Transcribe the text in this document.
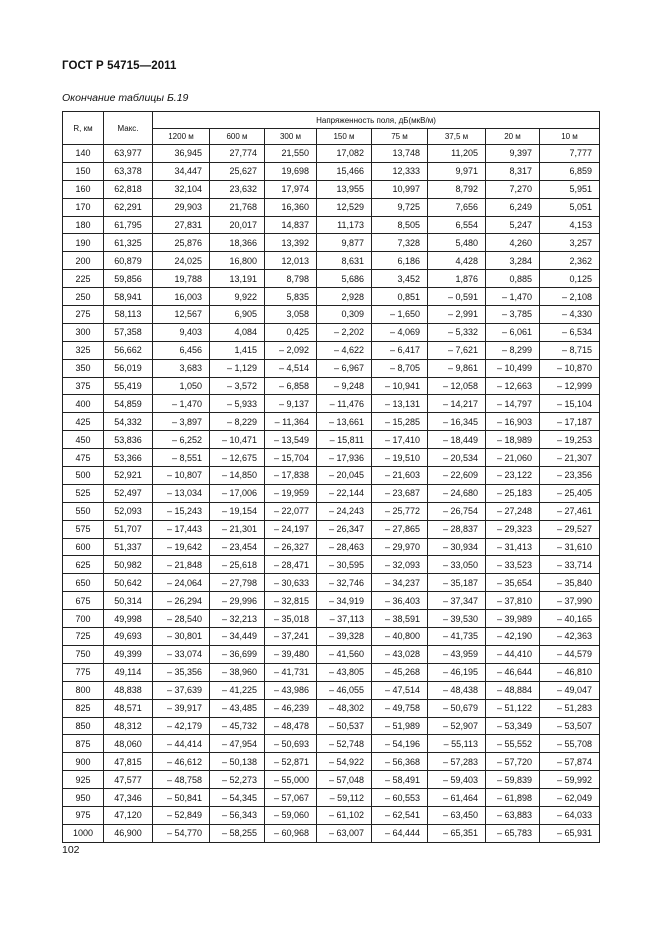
ГОСТ Р 54715—2011
Окончание таблицы Б.19
R, км	Макс.	Напряженность поля, дБ(мкВ/м)							
		1200 м	600 м	300 м	150 м	75 м	37,5 м	20 м	10 м
140	63,977	36,945	27,774	21,550	17,082	13,748	11,205	9,397	7,777
150	63,378	34,447	25,627	19,698	15,466	12,333	9,971	8,317	6,859
160	62,818	32,104	23,632	17,974	13,955	10,997	8,792	7,270	5,951
170	62,291	29,903	21,768	16,360	12,529	9,725	7,656	6,249	5,051
180	61,795	27,831	20,017	14,837	11,173	8,505	6,554	5,247	4,153
190	61,325	25,876	18,366	13,392	9,877	7,328	5,480	4,260	3,257
200	60,879	24,025	16,800	12,013	8,631	6,186	4,428	3,284	2,362
225	59,856	19,788	13,191	8,798	5,686	3,452	1,876	0,885	0,125
250	58,941	16,003	9,922	5,835	2,928	0,851	– 0,591	– 1,470	– 2,108
275	58,113	12,567	6,905	3,058	0,309	– 1,650	– 2,991	– 3,785	– 4,330
300	57,358	9,403	4,084	0,425	– 2,202	– 4,069	– 5,332	– 6,061	– 6,534
325	56,662	6,456	1,415	– 2,092	– 4,622	– 6,417	– 7,621	– 8,299	– 8,715
350	56,019	3,683	– 1,129	– 4,514	– 6,967	– 8,705	– 9,861	– 10,499	– 10,870
375	55,419	1,050	– 3,572	– 6,858	– 9,248	– 10,941	– 12,058	– 12,663	– 12,999
400	54,859	– 1,470	– 5,933	– 9,137	– 11,476	– 13,131	– 14,217	– 14,797	– 15,104
425	54,332	– 3,897	– 8,229	– 11,364	– 13,661	– 15,285	– 16,345	– 16,903	– 17,187
450	53,836	– 6,252	– 10,471	– 13,549	– 15,811	– 17,410	– 18,449	– 18,989	– 19,253
475	53,366	– 8,551	– 12,675	– 15,704	– 17,936	– 19,510	– 20,534	– 21,060	– 21,307
500	52,921	– 10,807	– 14,850	– 17,838	– 20,045	– 21,603	– 22,609	– 23,122	– 23,356
525	52,497	– 13,034	– 17,006	– 19,959	– 22,144	– 23,687	– 24,680	– 25,183	– 25,405
550	52,093	– 15,243	– 19,154	– 22,077	– 24,243	– 25,772	– 26,754	– 27,248	– 27,461
575	51,707	– 17,443	– 21,301	– 24,197	– 26,347	– 27,865	– 28,837	– 29,323	– 29,527
600	51,337	– 19,642	– 23,454	– 26,327	– 28,463	– 29,970	– 30,934	– 31,413	– 31,610
625	50,982	– 21,848	– 25,618	– 28,471	– 30,595	– 32,093	– 33,050	– 33,523	– 33,714
650	50,642	– 24,064	– 27,798	– 30,633	– 32,746	– 34,237	– 35,187	– 35,654	– 35,840
675	50,314	– 26,294	– 29,996	– 32,815	– 34,919	– 36,403	– 37,347	– 37,810	– 37,990
700	49,998	– 28,540	– 32,213	– 35,018	– 37,113	– 38,591	– 39,530	– 39,989	– 40,165
725	49,693	– 30,801	– 34,449	– 37,241	– 39,328	– 40,800	– 41,735	– 42,190	– 42,363
750	49,399	– 33,074	– 36,699	– 39,480	– 41,560	– 43,028	– 43,959	– 44,410	– 44,579
775	49,114	– 35,356	– 38,960	– 41,731	– 43,805	– 45,268	– 46,195	– 46,644	– 46,810
800	48,838	– 37,639	– 41,225	– 43,986	– 46,055	– 47,514	– 48,438	– 48,884	– 49,047
825	48,571	– 39,917	– 43,485	– 46,239	– 48,302	– 49,758	– 50,679	– 51,122	– 51,283
850	48,312	– 42,179	– 45,732	– 48,478	– 50,537	– 51,989	– 52,907	– 53,349	– 53,507
875	48,060	– 44,414	– 47,954	– 50,693	– 52,748	– 54,196	– 55,113	– 55,552	– 55,708
900	47,815	– 46,612	– 50,138	– 52,871	– 54,922	– 56,368	– 57,283	– 57,720	– 57,874
925	47,577	– 48,758	– 52,273	– 55,000	– 57,048	– 58,491	– 59,403	– 59,839	– 59,992
950	47,346	– 50,841	– 54,345	– 57,067	– 59,112	– 60,553	– 61,464	– 61,898	– 62,049
975	47,120	– 52,849	– 56,343	– 59,060	– 61,102	– 62,541	– 63,450	– 63,883	– 64,033
1000	46,900	– 54,770	– 58,255	– 60,968	– 63,007	– 64,444	– 65,351	– 65,783	– 65,931
102
